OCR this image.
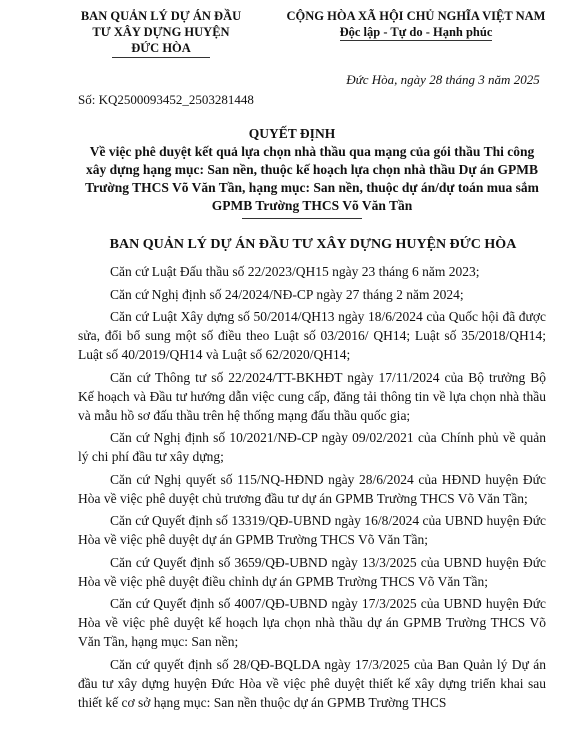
BAN QUẢN LÝ DỰ ÁN ĐẦU
TƯ XÂY DỰNG HUYỆN
ĐỨC HÒA
CỘNG HÒA XÃ HỘI CHỦ NGHĨA VIỆT NAM
Độc lập - Tự do - Hạnh phúc
Đức Hòa, ngày 28 tháng 3 năm 2025
Số: KQ2500093452_2503281448
QUYẾT ĐỊNH
Về việc phê duyệt kết quả lựa chọn nhà thầu qua mạng của gói thầu Thi công xây dựng hạng mục: San nền, thuộc kế hoạch lựa chọn nhà thầu Dự án GPMB Trường THCS Võ Văn Tần, hạng mục: San nền, thuộc dự án/dự toán mua sắm GPMB Trường THCS Võ Văn Tần
BAN QUẢN LÝ DỰ ÁN ĐẦU TƯ XÂY DỰNG HUYỆN ĐỨC HÒA

Căn cứ Luật Đấu thầu số 22/2023/QH15 ngày 23 tháng 6 năm 2023;

Căn cứ Nghị định số 24/2024/NĐ-CP ngày 27 tháng 2 năm 2024;

Căn cứ Luật Xây dựng số 50/2014/QH13 ngày 18/6/2024 của Quốc hội đã được sửa, đổi bổ sung một số điều theo Luật số 03/2016/ QH14; Luật số 35/2018/QH14; Luật số 40/2019/QH14 và Luật số 62/2020/QH14;

Căn cứ Thông tư số 22/2024/TT-BKHĐT ngày 17/11/2024 của Bộ trưởng Bộ Kế hoạch và Đầu tư hướng dẫn việc cung cấp, đăng tải thông tin về lựa chọn nhà thầu và mẫu hồ sơ đấu thầu trên hệ thống mạng đấu thầu quốc gia;

Căn cứ Nghị định số 10/2021/NĐ-CP ngày 09/02/2021 của Chính phủ về quản lý chi phí đầu tư xây dựng;

Căn cứ Nghị quyết số 115/NQ-HĐND ngày 28/6/2024 của HĐND huyện Đức Hòa về việc phê duyệt chủ trương đầu tư dự án GPMB Trường THCS Võ Văn Tần;

Căn cứ Quyết định số 13319/QĐ-UBND ngày 16/8/2024 của UBND huyện Đức Hòa về việc phê duyệt dự án GPMB Trường THCS Võ Văn Tần;

Căn cứ Quyết định số 3659/QĐ-UBND ngày 13/3/2025 của UBND huyện Đức Hòa về việc phê duyệt điều chỉnh dự án GPMB Trường THCS Võ Văn Tần;

Căn cứ Quyết định số 4007/QĐ-UBND ngày 17/3/2025 của UBND huyện Đức Hòa về việc phê duyệt kế hoạch lựa chọn nhà thầu dự án GPMB Trường THCS Võ Văn Tần, hạng mục: San nền;

Căn cứ quyết định số 28/QĐ-BQLDA ngày 17/3/2025 của Ban Quản lý Dự án đầu tư xây dựng huyện Đức Hòa về việc phê duyệt thiết kế xây dựng triển khai sau thiết kế cơ sở hạng mục: San nền thuộc dự án GPMB Trường THCS
